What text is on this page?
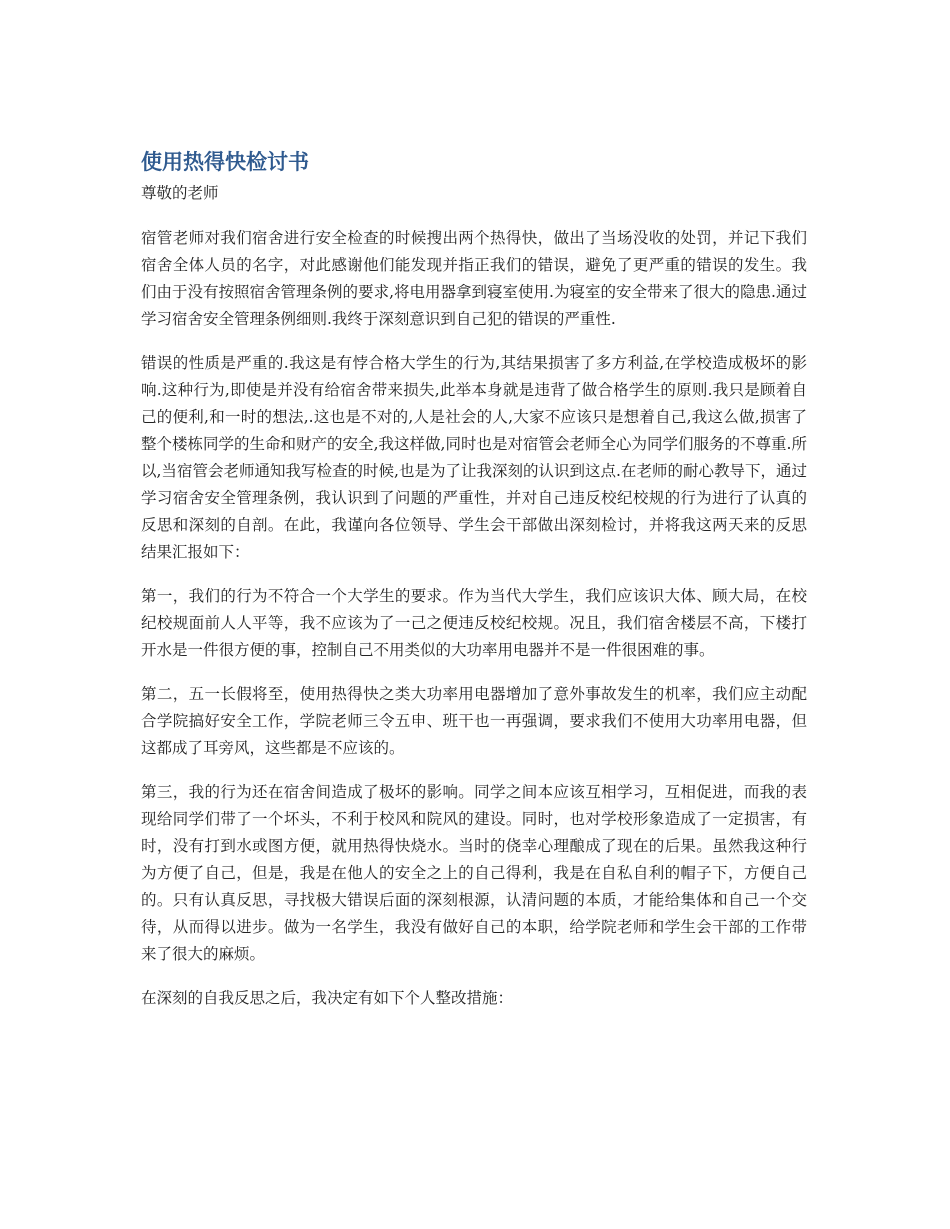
使用热得快检讨书

尊敬的老师

宿管老师对我们宿舍进行安全检查的时候搜出两个热得快，做出了当场没收的处罚，并记下我们宿舍全体人员的名字，对此感谢他们能发现并指正我们的错误，避免了更严重的错误的发生。我们由于没有按照宿舍管理条例的要求,将电用器拿到寝室使用.为寝室的安全带来了很大的隐患.通过学习宿舍安全管理条例细则.我终于深刻意识到自己犯的错误的严重性.

错误的性质是严重的.我这是有悖合格大学生的行为,其结果损害了多方利益,在学校造成极坏的影响.这种行为,即使是并没有给宿舍带来损失,此举本身就是违背了做合格学生的原则.我只是顾着自己的便利,和一时的想法,.这也是不对的,人是社会的人,大家不应该只是想着自己,我这么做,损害了整个楼栋同学的生命和财产的安全,我这样做,同时也是对宿管会老师全心为同学们服务的不尊重.所以,当宿管会老师通知我写检查的时候,也是为了让我深刻的认识到这点.在老师的耐心教导下，通过学习宿舍安全管理条例，我认识到了问题的严重性，并对自己违反校纪校规的行为进行了认真的反思和深刻的自剖。在此，我谨向各位领导、学生会干部做出深刻检讨，并将我这两天来的反思结果汇报如下：

第一，我们的行为不符合一个大学生的要求。作为当代大学生，我们应该识大体、顾大局，在校纪校规面前人人平等，我不应该为了一己之便违反校纪校规。况且，我们宿舍楼层不高，下楼打开水是一件很方便的事，控制自己不用类似的大功率用电器并不是一件很困难的事。

第二，五一长假将至，使用热得快之类大功率用电器增加了意外事故发生的机率，我们应主动配合学院搞好安全工作，学院老师三令五申、班干也一再强调，要求我们不使用大功率用电器，但这都成了耳旁风，这些都是不应该的。

第三，我的行为还在宿舍间造成了极坏的影响。同学之间本应该互相学习，互相促进，而我的表现给同学们带了一个坏头，不利于校风和院风的建设。同时，也对学校形象造成了一定损害，有时，没有打到水或图方便，就用热得快烧水。当时的侥幸心理酿成了现在的后果。虽然我这种行为方便了自己，但是，我是在他人的安全之上的自己得利，我是在自私自利的帽子下，方便自己的。只有认真反思，寻找极大错误后面的深刻根源，认清问题的本质，才能给集体和自己一个交待，从而得以进步。做为一名学生，我没有做好自己的本职，给学院老师和学生会干部的工作带来了很大的麻烦。

在深刻的自我反思之后，我决定有如下个人整改措施：
